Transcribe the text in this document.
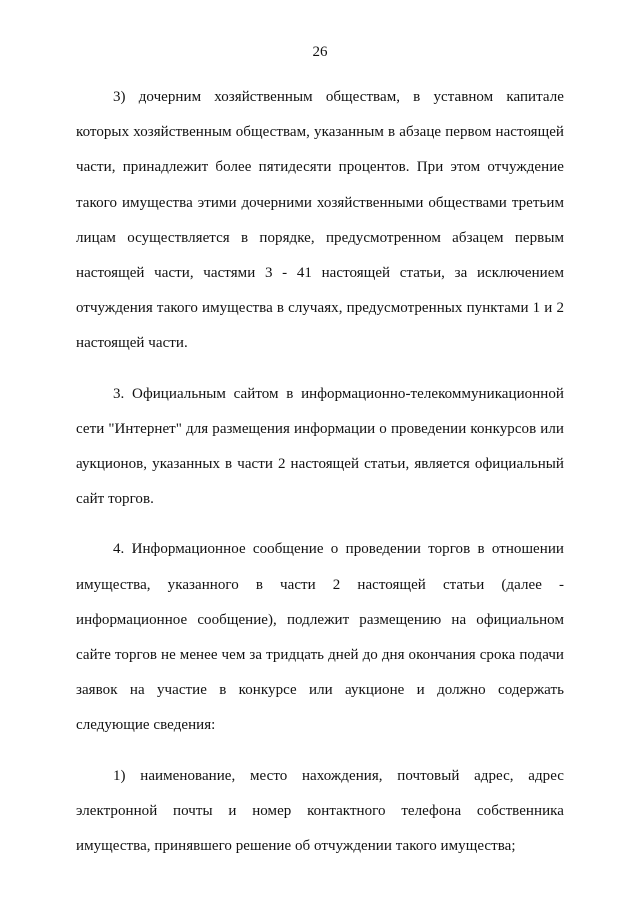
26

3) дочерним хозяйственным обществам, в уставном капитале которых хозяйственным обществам, указанным в абзаце первом настоящей части, принадлежит более пятидесяти процентов. При этом отчуждение такого имущества этими дочерними хозяйственными обществами третьим лицам осуществляется в порядке, предусмотренном абзацем первым настоящей части, частями 3 - 41 настоящей статьи, за исключением отчуждения такого имущества в случаях, предусмотренных пунктами 1 и 2 настоящей части.

3. Официальным сайтом в информационно-телекоммуникационной сети "Интернет" для размещения информации о проведении конкурсов или аукционов, указанных в части 2 настоящей статьи, является официальный сайт торгов.

4. Информационное сообщение о проведении торгов в отношении имущества, указанного в части 2 настоящей статьи (далее - информационное сообщение), подлежит размещению на официальном сайте торгов не менее чем за тридцать дней до дня окончания срока подачи заявок на участие в конкурсе или аукционе и должно содержать следующие сведения:

1) наименование, место нахождения, почтовый адрес, адрес электронной почты и номер контактного телефона собственника имущества, принявшего решение об отчуждении такого имущества;
